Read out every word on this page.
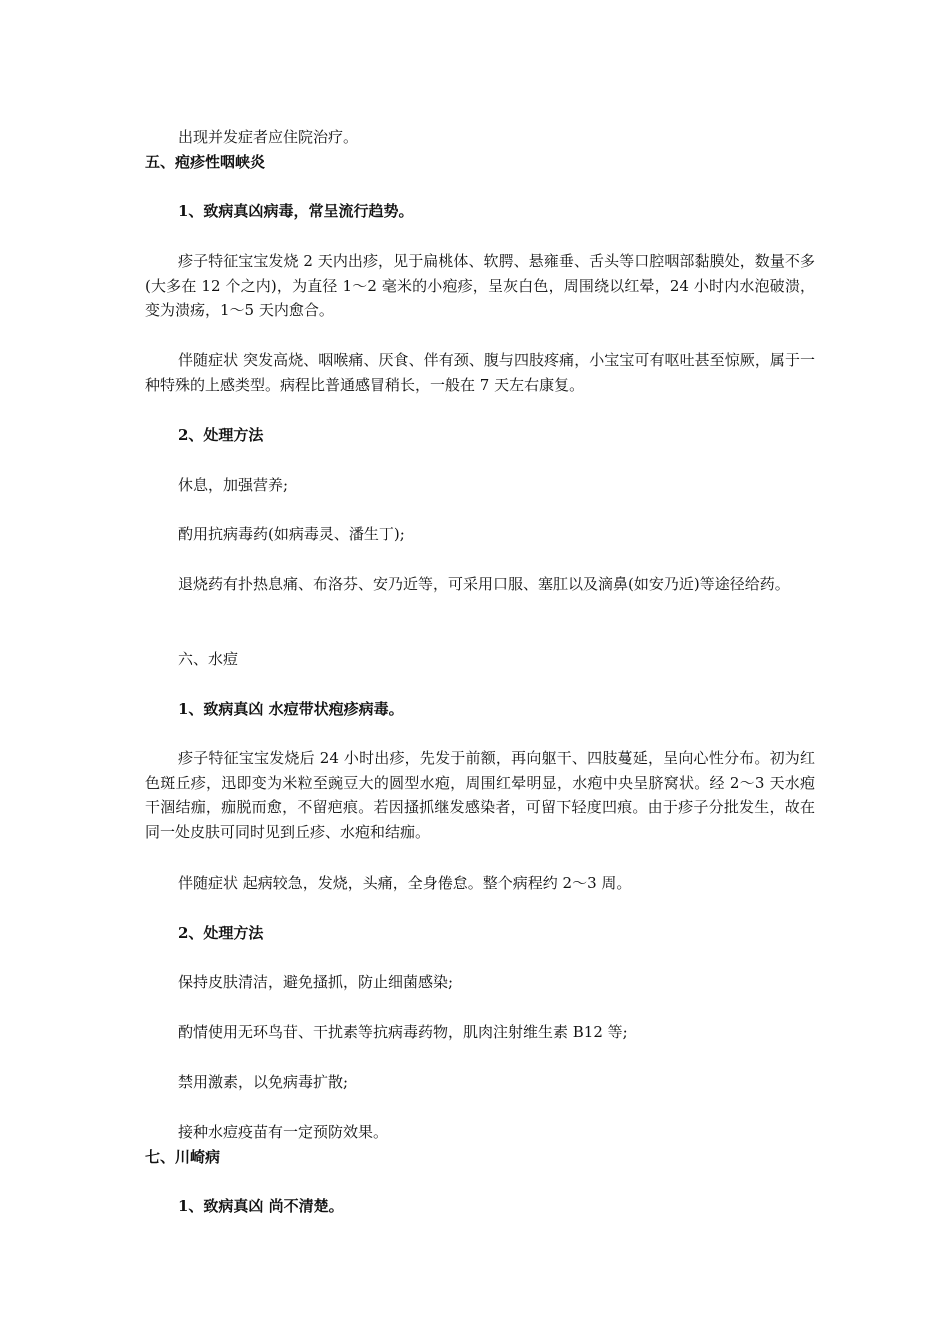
出现并发症者应住院治疗。
五、疱疹性咽峡炎
1、致病真凶病毒，常呈流行趋势。
疹子特征宝宝发烧 2 天内出疹，见于扁桃体、软腭、悬雍垂、舌头等口腔咽部黏膜处，数量不多(大多在 12 个之内)，为直径 1～2 毫米的小疱疹，呈灰白色，周围绕以红晕，24 小时内水泡破溃，变为溃疡，1～5 天内愈合。
伴随症状 突发高烧、咽喉痛、厌食、伴有颈、腹与四肢疼痛，小宝宝可有呕吐甚至惊厥，属于一种特殊的上感类型。病程比普通感冒稍长，一般在 7 天左右康复。
2、处理方法
休息，加强营养;
酌用抗病毒药(如病毒灵、潘生丁);
退烧药有扑热息痛、布洛芬、安乃近等，可采用口服、塞肛以及滴鼻(如安乃近)等途径给药。
六、水痘
1、致病真凶 水痘带状疱疹病毒。
疹子特征宝宝发烧后 24 小时出疹，先发于前额，再向躯干、四肢蔓延，呈向心性分布。初为红色斑丘疹，迅即变为米粒至豌豆大的圆型水疱，周围红晕明显，水疱中央呈脐窝状。经 2～3 天水疱干涸结痂，痂脱而愈，不留疤痕。若因搔抓继发感染者，可留下轻度凹痕。由于疹子分批发生，故在同一处皮肤可同时见到丘疹、水疱和结痂。
伴随症状 起病较急，发烧，头痛，全身倦怠。整个病程约 2～3 周。
2、处理方法
保持皮肤清洁，避免搔抓，防止细菌感染;
酌情使用无环鸟苷、干扰素等抗病毒药物，肌肉注射维生素 B12 等;
禁用激素，以免病毒扩散;
接种水痘疫苗有一定预防效果。
七、川崎病
1、致病真凶 尚不清楚。
